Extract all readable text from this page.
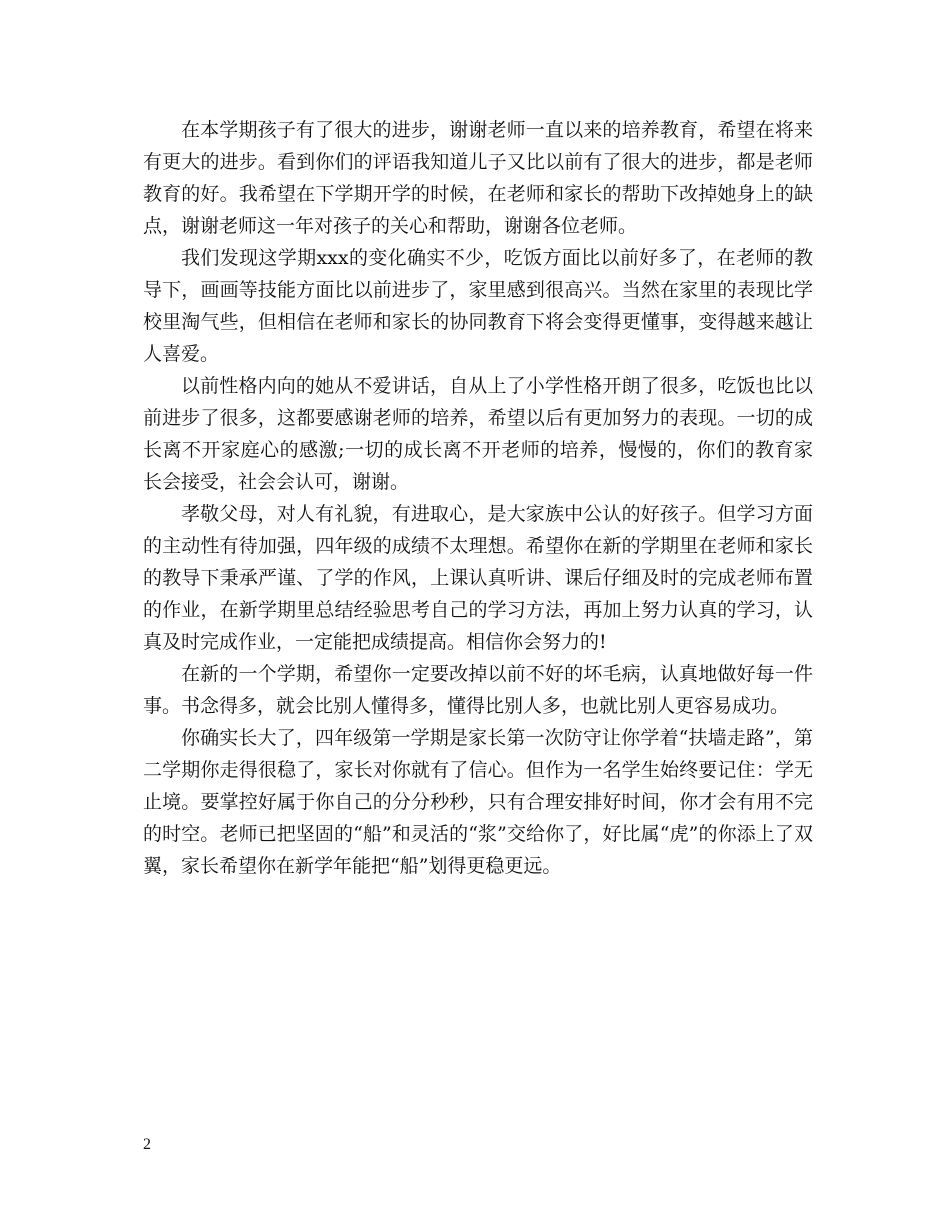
在本学期孩子有了很大的进步，谢谢老师一直以来的培养教育，希望在将来有更大的进步。看到你们的评语我知道儿子又比以前有了很大的进步，都是老师教育的好。我希望在下学期开学的时候，在老师和家长的帮助下改掉她身上的缺点，谢谢老师这一年对孩子的关心和帮助，谢谢各位老师。

我们发现这学期xxx的变化确实不少，吃饭方面比以前好多了，在老师的教导下，画画等技能方面比以前进步了，家里感到很高兴。当然在家里的表现比学校里淘气些，但相信在老师和家长的协同教育下将会变得更懂事，变得越来越让人喜爱。

以前性格内向的她从不爱讲话，自从上了小学性格开朗了很多，吃饭也比以前进步了很多，这都要感谢老师的培养，希望以后有更加努力的表现。一切的成长离不开家庭心的感激;一切的成长离不开老师的培养，慢慢的，你们的教育家长会接受，社会会认可，谢谢。

孝敬父母，对人有礼貌，有进取心，是大家族中公认的好孩子。但学习方面的主动性有待加强，四年级的成绩不太理想。希望你在新的学期里在老师和家长的教导下秉承严谨、了学的作风，上课认真听讲、课后仔细及时的完成老师布置的作业，在新学期里总结经验思考自己的学习方法，再加上努力认真的学习，认真及时完成作业，一定能把成绩提高。相信你会努力的!

在新的一个学期，希望你一定要改掉以前不好的坏毛病，认真地做好每一件事。书念得多，就会比别人懂得多，懂得比别人多，也就比别人更容易成功。

你确实长大了，四年级第一学期是家长第一次防守让你学着“扶墙走路”，第二学期你走得很稳了，家长对你就有了信心。但作为一名学生始终要记住：学无止境。要掌控好属于你自己的分分秒秒，只有合理安排好时间，你才会有用不完的时空。老师已把坚固的“船”和灵活的“浆”交给你了，好比属“虎”的你添上了双翼，家长希望你在新学年能把“船”划得更稳更远。

2
